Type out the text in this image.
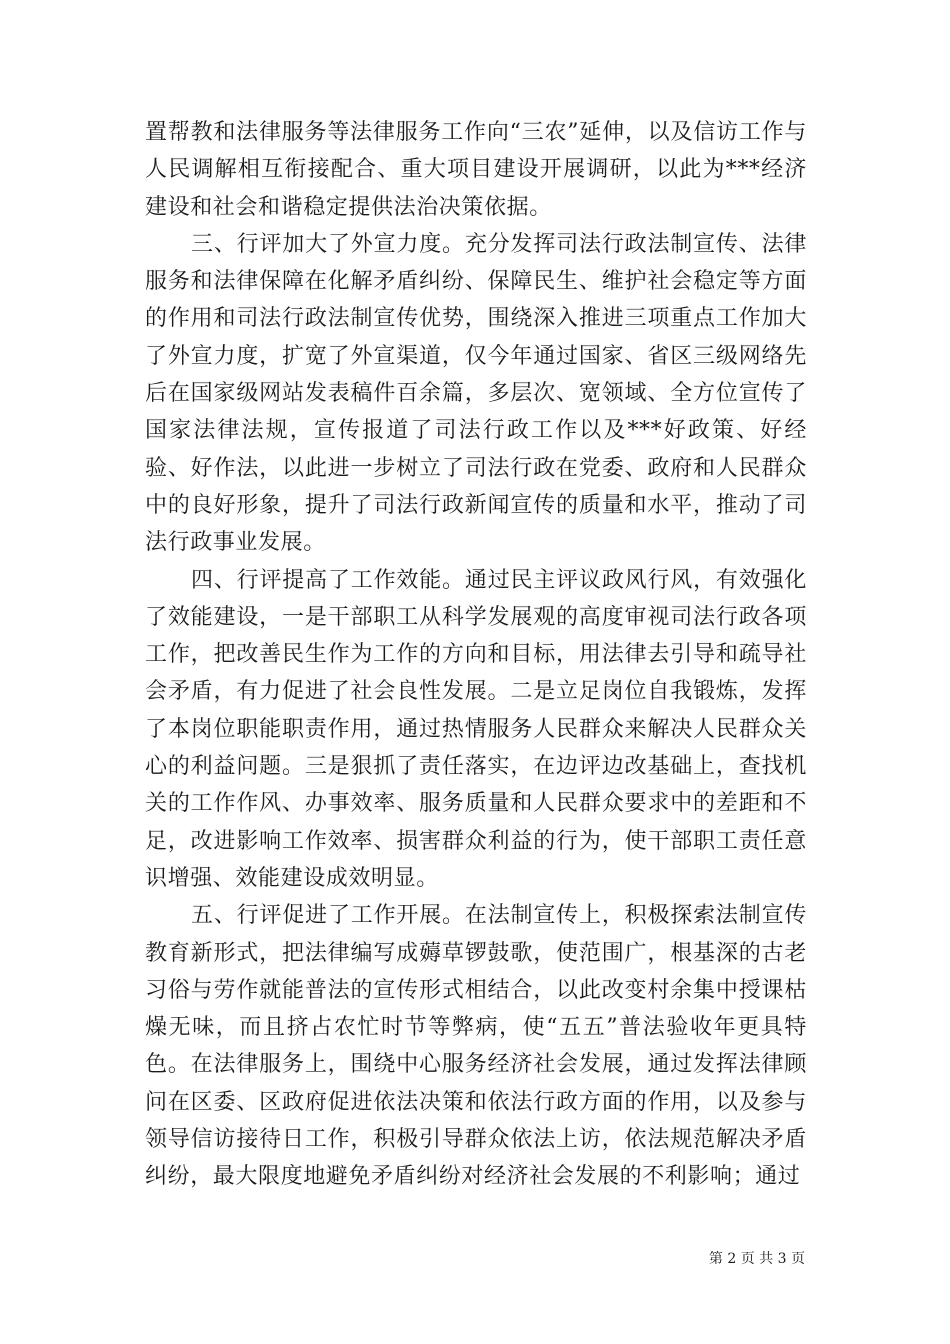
置帮教和法律服务等法律服务工作向“三农”延伸，以及信访工作与人民调解相互衔接配合、重大项目建设开展调研，以此为***经济建设和社会和谐稳定提供法治决策依据。

三、行评加大了外宣力度。充分发挥司法行政法制宣传、法律服务和法律保障在化解矛盾纠纷、保障民生、维护社会稳定等方面的作用和司法行政法制宣传优势，围绕深入推进三项重点工作加大了外宣力度，扩宽了外宣渠道，仅今年通过国家、省区三级网络先后在国家级网站发表稿件百余篇，多层次、宽领域、全方位宣传了国家法律法规，宣传报道了司法行政工作以及***好政策、好经验、好作法，以此进一步树立了司法行政在党委、政府和人民群众中的良好形象，提升了司法行政新闻宣传的质量和水平，推动了司法行政事业发展。

四、行评提高了工作效能。通过民主评议政风行风，有效强化了效能建设，一是干部职工从科学发展观的高度审视司法行政各项工作，把改善民生作为工作的方向和目标，用法律去引导和疏导社会矛盾，有力促进了社会良性发展。二是立足岗位自我锻炼，发挥了本岗位职能职责作用，通过热情服务人民群众来解决人民群众关心的利益问题。三是狠抓了责任落实，在边评边改基础上，查找机关的工作作风、办事效率、服务质量和人民群众要求中的差距和不足，改进影响工作效率、损害群众利益的行为，使干部职工责任意识增强、效能建设成效明显。

五、行评促进了工作开展。在法制宣传上，积极探索法制宣传教育新形式，把法律编写成薅草锣鼓歌，使范围广，根基深的古老习俗与劳作就能普法的宣传形式相结合，以此改变村余集中授课枯燥无味，而且挤占农忙时节等弊病，使“五五”普法验收年更具特色。在法律服务上，围绕中心服务经济社会发展，通过发挥法律顾问在区委、区政府促进依法决策和依法行政方面的作用，以及参与领导信访接待日工作，积极引导群众依法上访，依法规范解决矛盾纠纷，最大限度地避免矛盾纠纷对经济社会发展的不利影响；通过

第 2 页 共 3 页
